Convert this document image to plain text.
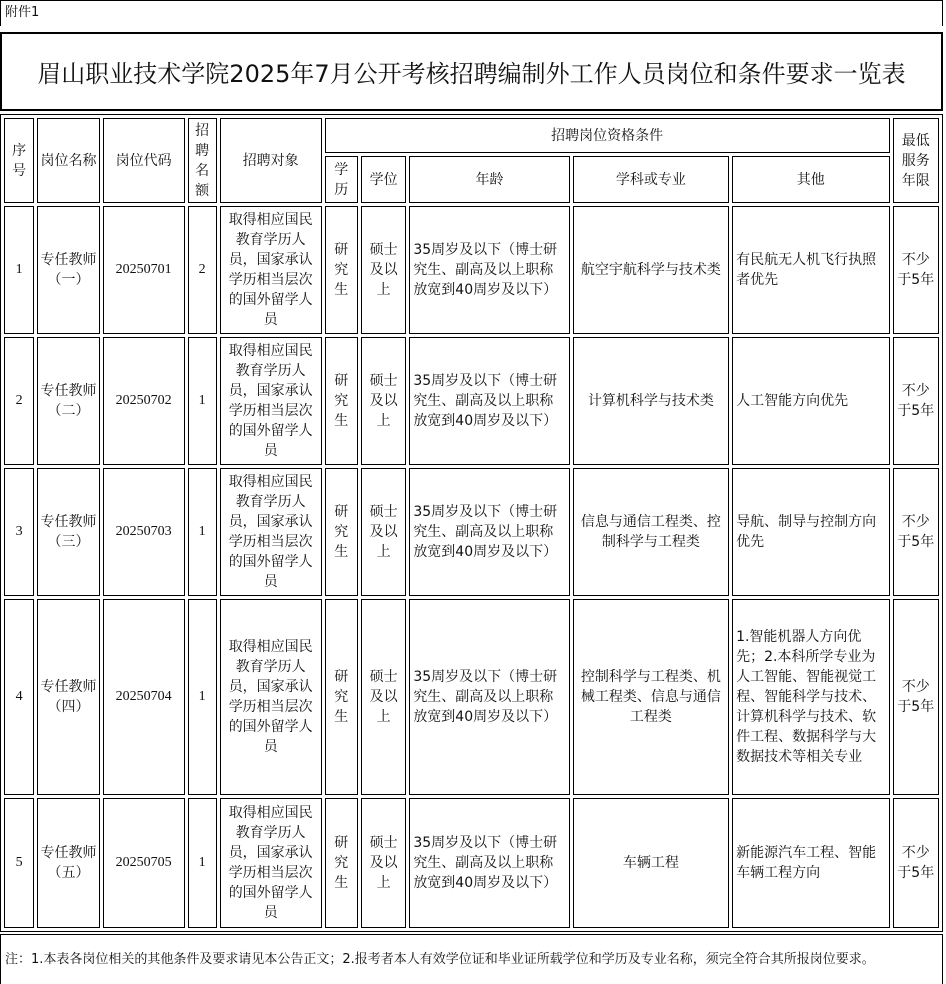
附件1
眉山职业技术学院2025年7月公开考核招聘编制外工作人员岗位和条件要求一览表
序号	岗位名称	岗位代码	招聘名额	招聘对象	招聘岗位资格条件					最低服务年限
					学历	学位	年龄	学科或专业	其他	
1	专任教师（一）	20250701	2	取得相应国民教育学历人员，国家承认学历相当层次的国外留学人员	研究生	硕士及以上	35周岁及以下（博士研究生、副高及以上职称放宽到40周岁及以下）	航空宇航科学与技术类	有民航无人机飞行执照者优先	不少于5年
2	专任教师（二）	20250702	1	取得相应国民教育学历人员，国家承认学历相当层次的国外留学人员	研究生	硕士及以上	35周岁及以下（博士研究生、副高及以上职称放宽到40周岁及以下）	计算机科学与技术类	人工智能方向优先	不少于5年
3	专任教师（三）	20250703	1	取得相应国民教育学历人员，国家承认学历相当层次的国外留学人员	研究生	硕士及以上	35周岁及以下（博士研究生、副高及以上职称放宽到40周岁及以下）	信息与通信工程类、控制科学与工程类	导航、制导与控制方向优先	不少于5年
4	专任教师（四）	20250704	1	取得相应国民教育学历人员，国家承认学历相当层次的国外留学人员	研究生	硕士及以上	35周岁及以下（博士研究生、副高及以上职称放宽到40周岁及以下）	控制科学与工程类、机械工程类、信息与通信工程类	1.智能机器人方向优先；2.本科所学专业为人工智能、智能视觉工程、智能科学与技术、计算机科学与技术、软件工程、数据科学与大数据技术等相关专业	不少于5年
5	专任教师（五）	20250705	1	取得相应国民教育学历人员，国家承认学历相当层次的国外留学人员	研究生	硕士及以上	35周岁及以下（博士研究生、副高及以上职称放宽到40周岁及以下）	车辆工程	新能源汽车工程、智能车辆工程方向	不少于5年
注：1.本表各岗位相关的其他条件及要求请见本公告正文；2.报考者本人有效学位证和毕业证所载学位和学历及专业名称，须完全符合其所报岗位要求。
